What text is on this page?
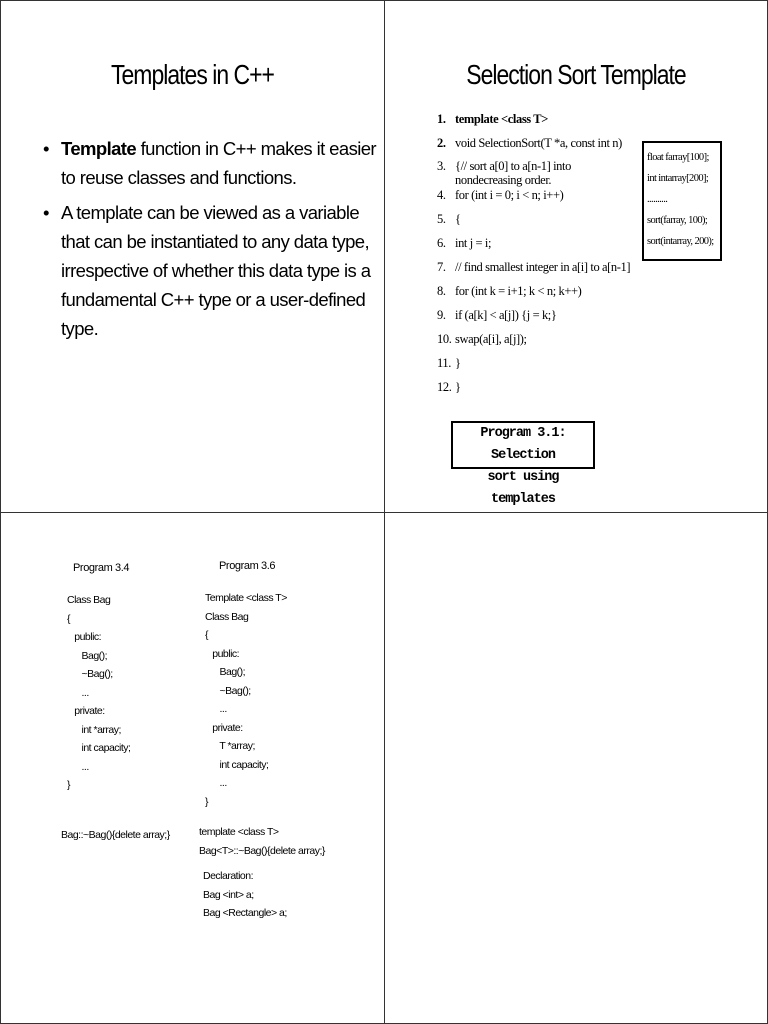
Templates in C++
• Template function in C++ makes it easier to reuse classes and functions.
• A template can be viewed as a variable that can be instantiated to any data type, irrespective of whether this data type is a fundamental C++ type or a user-defined type.
Selection Sort Template
1. template <class T>
2. void SelectionSort(T *a, const int n)
3. {// sort a[0] to a[n-1] into nondecreasing order.
4. for (int i = 0; i < n; i++)
5. {
6. int j = i;
7. // find smallest integer in a[i] to a[n-1]
8. for (int k = i+1; k < n; k++)
9. if (a[k] < a[j]) {j = k;}
10. swap(a[i], a[j]);
11. }
12. }
float farray[100];
int intarray[200];
..........
sort(farray, 100);
sort(intarray, 200);
Program 3.1: Selection
sort using templates
Program 3.4	Program 3.6
Class Bag
{
public:
Bag();
~Bag();
...
private:
int *array;
int capacity;
...
}
Template <class T>
Class Bag
{
public:
Bag();
~Bag();
...
private:
T *array;
int capacity;
...
}
Bag::~Bag(){delete array;}	template <class T>
Bag<T>::~Bag(){delete array;}
Declaration:
Bag <int> a;
Bag <Rectangle> a;
